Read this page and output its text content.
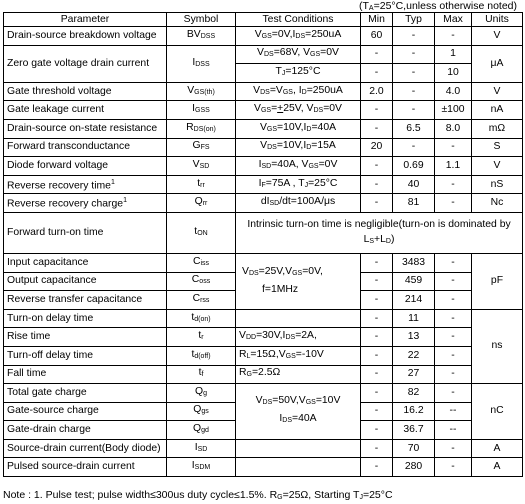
($T_A=25^\circ C,unless$ otherwise noted)
Parameter	Symbol	Test Conditions	Min	Typ	Max	Units
Drain-source breakdown voltage	$BV_{DSS}$	$V_{GS}=0V,I_{DS}=250uA$	60	-	-	V
Zero gate voltage drain current	$I_{DSS}$	$V_{DS}=68V$, $V_{GS}=0V$	-	-	1	μA
		$T_J=125^\circ C$	-	-	10	
Gate threshold voltage	$V_{GS(th)}$	$V_{DS}=V_{GS}$, $I_D=250uA$	2.0	-	4.0	V
Gate leakage current	$I_{GSS}$	$V_{GS}=+25V$, $V_{DS}=0V$	-	-	±100	nA
Drain-source on-state resistance	$R_{DS(on)}$	$V_{GS}=10V,I_D=40A$	-	6.5	8.0	mΩ
Forward transconductance	$G_{FS}$	$V_{DS}=10V,I_D=15A$	20	-	-	S
Diode forward voltage	$V_{SD}$	$I_{SD}=40A$, $V_{GS}=0V$	-	0.69	1.1	V
Reverse recovery time$^1$	$t_{rr}$	$I_F=75A$ , $T_J=25^\circ C$	-	40	-	nS
Reverse recovery charge$^1$	$Q_{rr}$	$dI_{SD}/dt=100A/\mu s$	-	81	-	Nc
Forward turn-on time	$t_{ON}$	Intrinsic turn-on time is negligible(turn-on is dominated by
$L_S+L_D$)				
Input capacitance	$C_{iss}$	$V_{DS}=25V,V_{GS}=0V$,
f=1MHz	-	3483	-	pF
Output capacitance	$C_{oss}$		-	459	-	
Reverse transfer capacitance	$C_{rss}$		-	214	-	
Turn-on delay time	$t_{d(on)}$		-	11	-	ns
Rise time	$t_r$	$V_{DD}=30V,I_{DS}=2A$,	-	13	-	
Turn-off delay time	$t_{d(off)}$	$R_L=15\Omega,V_{GS}=-10V$	-	22	-	
Fall time	$t_f$	$R_G=2.5\Omega$	-	27	-	
Total gate charge	$Q_g$	$V_{DS}=50V,V_{GS}=10V$
$I_{DS}=40A$	-	82	-	nC
Gate-source charge	$Q_{gs}$		-	16.2	--	
Gate-drain charge	$Q_{gd}$		-	36.7	--	
Source-drain current(Body diode)	$I_{SD}$		-	70	-	A
Pulsed source-drain current	$I_{SDM}$		-	280	-	A
Note : 1. Pulse test; pulse width≤300us duty cycle≤1.5%. $R_G=25\Omega$, Starting $T_J=25^\circ C$
